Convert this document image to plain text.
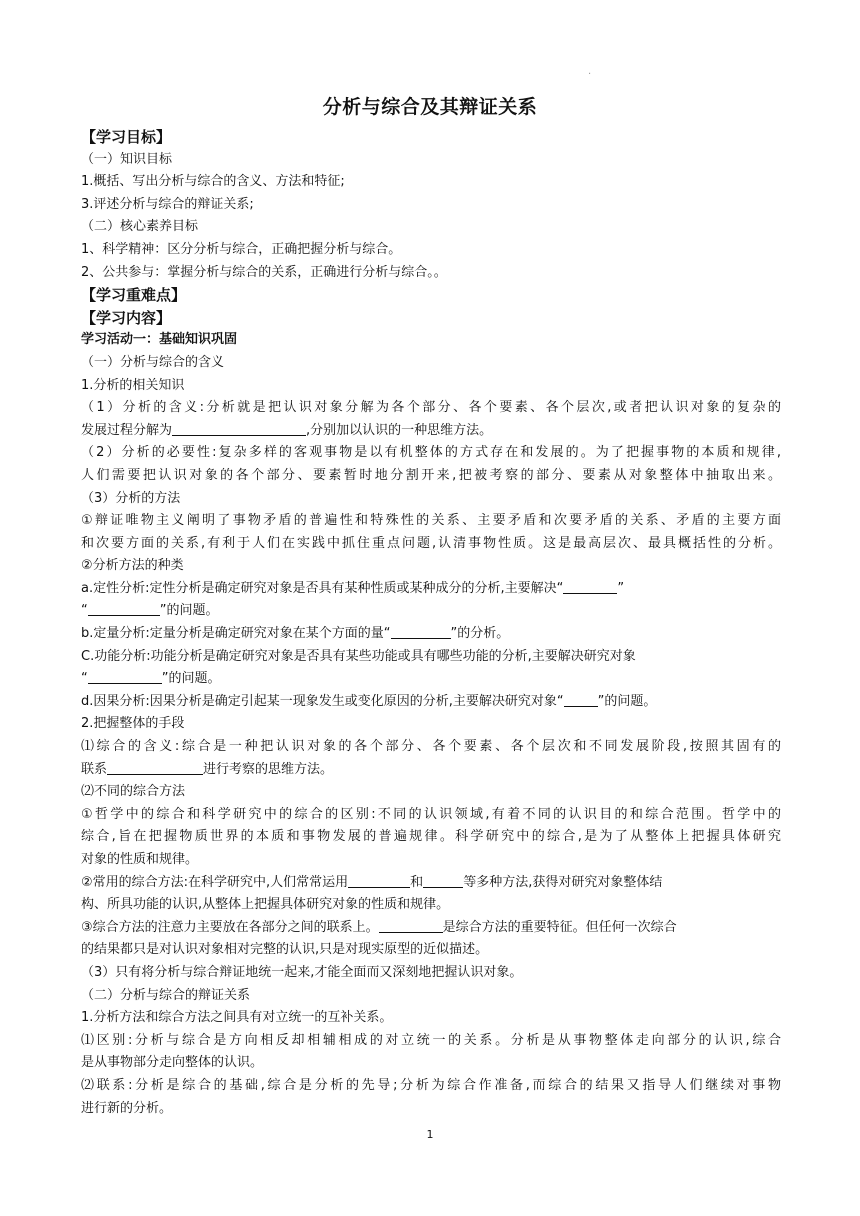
.
分析与综合及其辩证关系
【学习目标】
（一）知识目标
1.概括、写出分析与综合的含义、方法和特征;
3.评述分析与综合的辩证关系;
（二）核心素养目标
1、科学精神：区分分析与综合，正确把握分析与综合。
2、公共参与：掌握分析与综合的关系，正确进行分析与综合。。
【学习重难点】
【学习内容】
学习活动一：基础知识巩固
（一）分析与综合的含义
1.分析的相关知识
（1）分析的含义:分析就是把认识对象分解为各个部分、各个要素、各个层次,或者把认识对象的复杂的
发展过程分解为	,分别加以认识的一种思维方法。
（2）分析的必要性:复杂多样的客观事物是以有机整体的方式存在和发展的。为了把握事物的本质和规律,
人们需要把认识对象的各个部分、要素暂时地分割开来,把被考察的部分、要素从对象整体中抽取出来。
（3）分析的方法
①辩证唯物主义阐明了事物矛盾的普遍性和特殊性的关系、主要矛盾和次要矛盾的关系、矛盾的主要方面
和次要方面的关系,有利于人们在实践中抓住重点问题,认清事物性质。这是最高层次、最具概括性的分析。
②分析方法的种类
a.定性分析:定性分析是确定研究对象是否具有某种性质或某种成分的分析,主要解决“	”
“	”的问题。
b.定量分析:定量分析是确定研究对象在某个方面的量“	”的分析。
C.功能分析:功能分析是确定研究对象是否具有某些功能或具有哪些功能的分析,主要解决研究对象
“	”的问题。
d.因果分析:因果分析是确定引起某一现象发生或变化原因的分析,主要解决研究对象“	”的问题。
2.把握整体的手段
⑴综合的含义:综合是一种把认识对象的各个部分、各个要素、各个层次和不同发展阶段,按照其固有的
联系	进行考察的思维方法。
⑵不同的综合方法
①哲学中的综合和科学研究中的综合的区别:不同的认识领域,有着不同的认识目的和综合范围。哲学中的
综合,旨在把握物质世界的本质和事物发展的普遍规律。科学研究中的综合,是为了从整体上把握具体研究
对象的性质和规律。
②常用的综合方法:在科学研究中,人们常常运用	和	等多种方法,获得对研究对象整体结
构、所具功能的认识,从整体上把握具体研究对象的性质和规律。
③综合方法的注意力主要放在各部分之间的联系上。	是综合方法的重要特征。但任何一次综合
的结果都只是对认识对象相对完整的认识,只是对现实原型的近似描述。
（3）只有将分析与综合辩证地统一起来,才能全面而又深刻地把握认识对象。
（二）分析与综合的辩证关系
1.分析方法和综合方法之间具有对立统一的互补关系。
⑴区别:分析与综合是方向相反却相辅相成的对立统一的关系。分析是从事物整体走向部分的认识,综合
是从事物部分走向整体的认识。
⑵联系:分析是综合的基础,综合是分析的先导;分析为综合作准备,而综合的结果又指导人们继续对事物
进行新的分析。
1
